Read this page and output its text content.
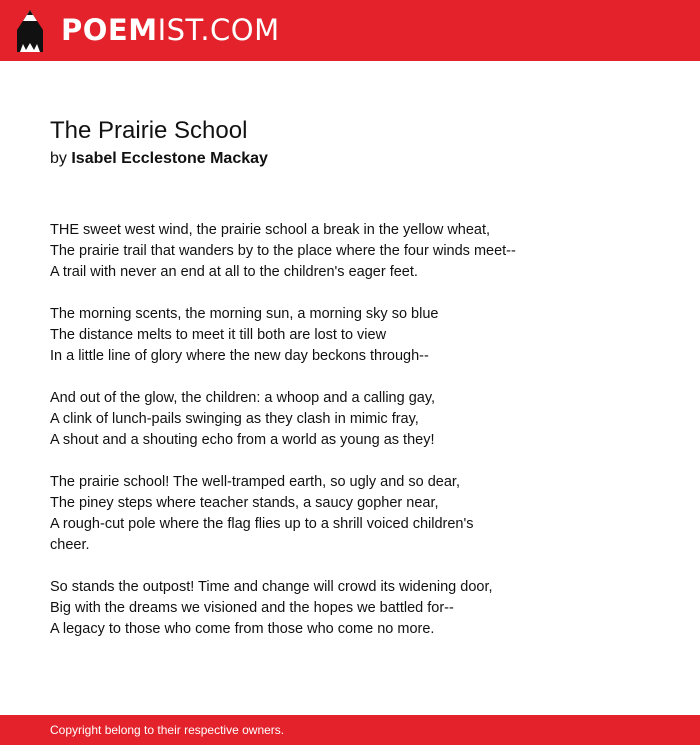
POEMIST.COM
The Prairie School
by Isabel Ecclestone Mackay
THE sweet west wind, the prairie school a break in the yellow wheat,
The prairie trail that wanders by to the place where the four winds meet--
A trail with never an end at all to the children's eager feet.
The morning scents, the morning sun, a morning sky so blue
The distance melts to meet it till both are lost to view
In a little line of glory where the new day beckons through--
And out of the glow, the children: a whoop and a calling gay,
A clink of lunch-pails swinging as they clash in mimic fray,
A shout and a shouting echo from a world as young as they!
The prairie school! The well-tramped earth, so ugly and so dear,
The piney steps where teacher stands, a saucy gopher near,
A rough-cut pole where the flag flies up to a shrill voiced children's
cheer.
So stands the outpost! Time and change will crowd its widening door,
Big with the dreams we visioned and the hopes we battled for--
A legacy to those who come from those who come no more.
Copyright belong to their respective owners.
